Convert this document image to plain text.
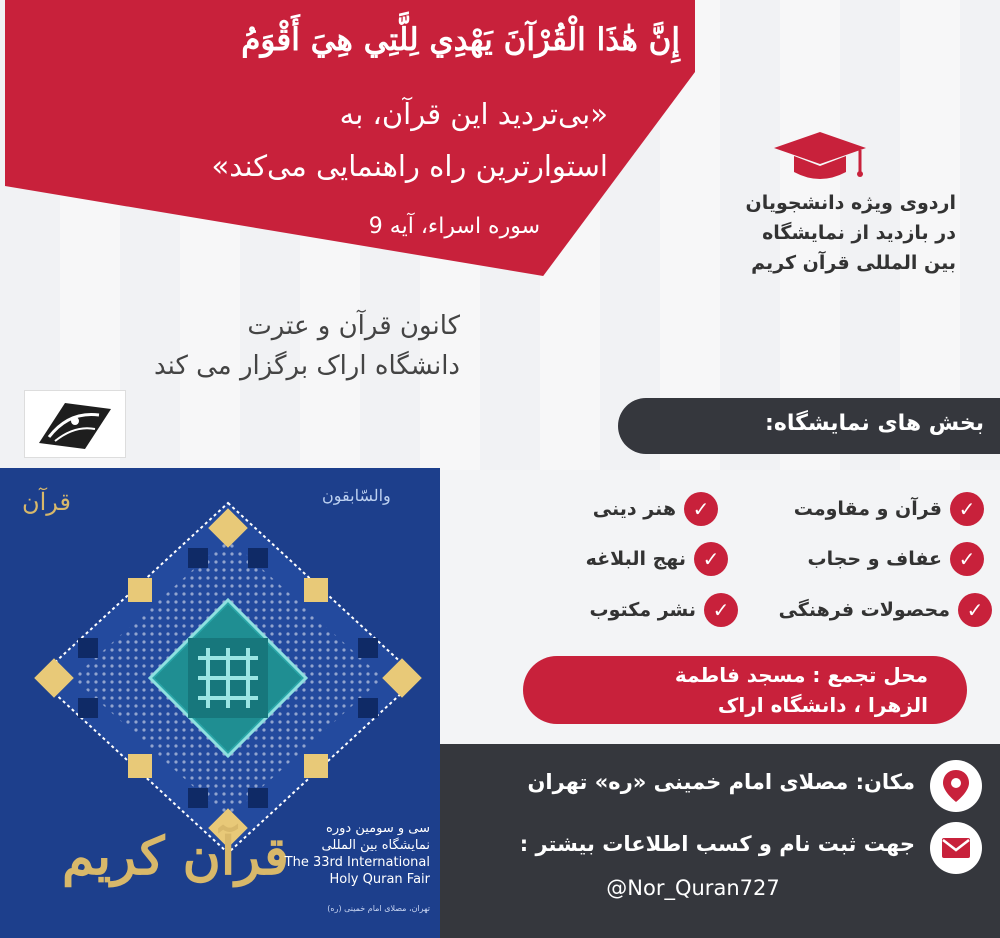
إِنَّ هَٰذَا الْقُرْآنَ يَهْدِي لِلَّتِي هِيَ أَقْوَمُ
«بی‌تردید این قرآن، به
استوارترین راه راهنمایی می‌کند»
سوره اسراء، آیه 9
کانون قرآن و عترت
دانشگاه اراک برگزار می کند
اردوی ویژه دانشجویان
در بازدید از نمایشگاه
بین المللی قرآن کریم
قرآن	والسّابقون
قرآن کریم	سی و سومین دوره
نمایشگاه بین المللی
The 33rd International
Holy Quran Fair
تهران، مصلای امام خمینی (ره)
بخش های نمایشگاه:
✓
قرآن و مقاومت
✓
هنر دینی
✓
عفاف و حجاب
✓
نهج البلاغه
✓
محصولات فرهنگی
✓
نشر مکتوب
محل تجمع : مسجد فاطمة
الزهرا ، دانشگاه اراک
مکان: مصلای امام خمینی «ره» تهران
جهت ثبت نام و کسب اطلاعات بیشتر :
@Nor_Quran727
